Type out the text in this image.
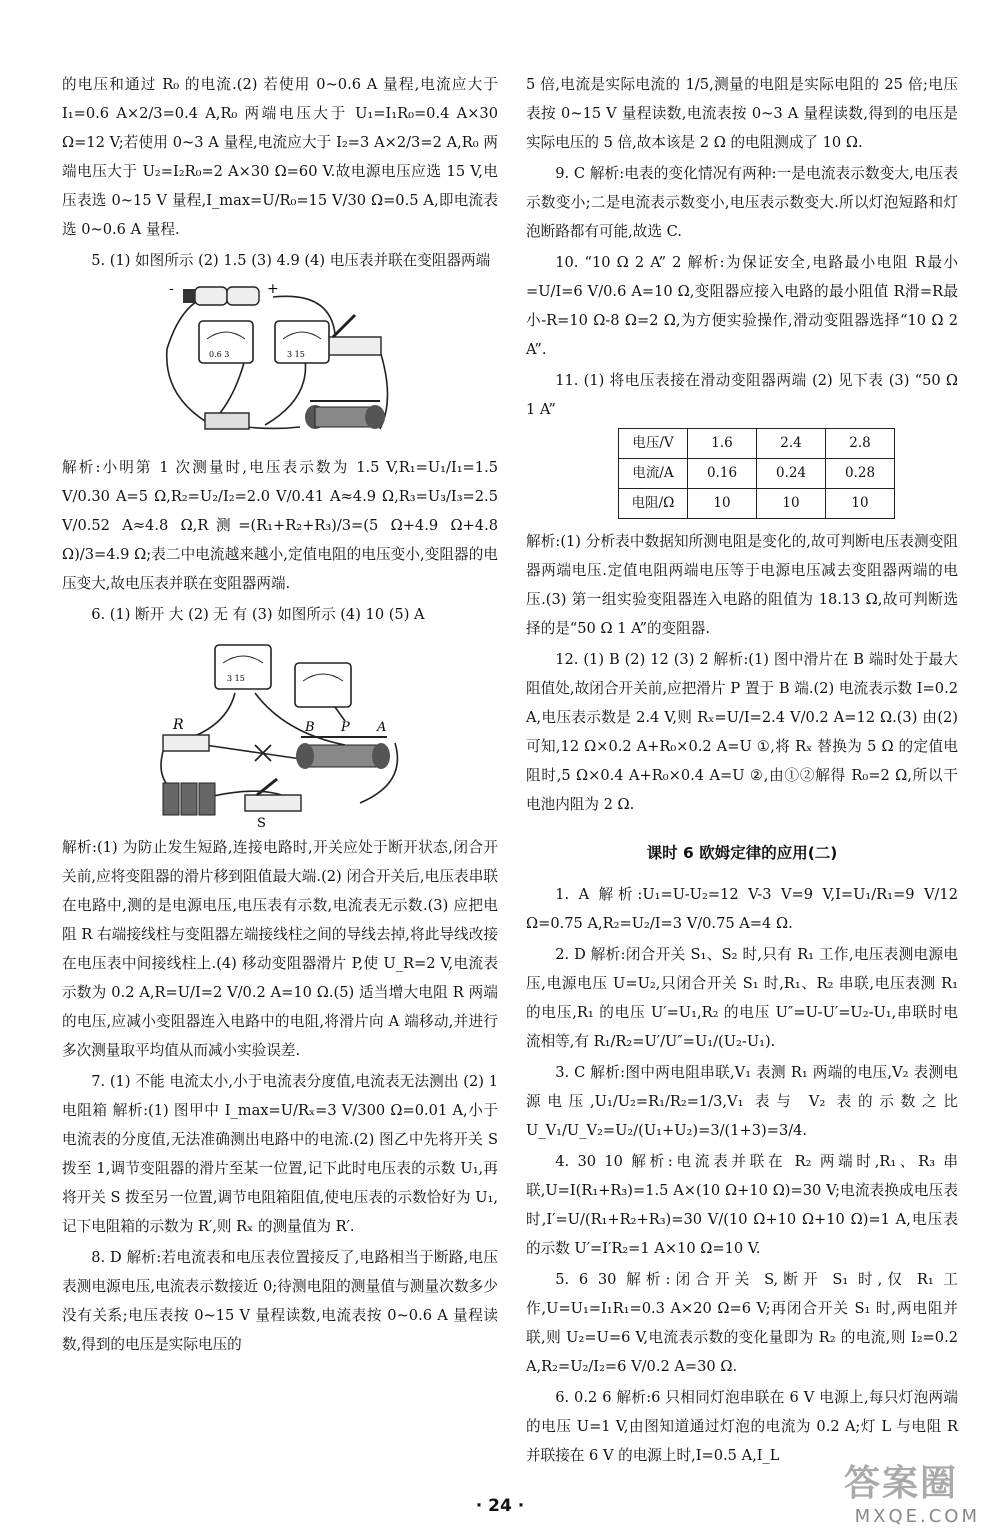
的电压和通过 R₀ 的电流.(2) 若使用 0~0.6 A 量程,电流应大于 I₁=0.6 A×2/3=0.4 A,R₀ 两端电压大于 U₁=I₁R₀=0.4 A×30 Ω=12 V;若使用 0~3 A 量程,电流应大于 I₂=3 A×2/3=2 A,R₀ 两端电压大于 U₂=I₂R₀=2 A×30 Ω=60 V.故电源电压应选 15 V,电压表选 0~15 V 量程,I_max=U/R₀=15 V/30 Ω=0.5 A,即电流表选 0~0.6 A 量程.

5. (1) 如图所示 (2) 1.5 (3) 4.9 (4) 电压表并联在变阻器两端

-	+
0.6 3	3 15

解析:小明第 1 次测量时,电压表示数为 1.5 V,R₁=U₁/I₁=1.5 V/0.30 A=5 Ω,R₂=U₂/I₂=2.0 V/0.41 A≈4.9 Ω,R₃=U₃/I₃=2.5 V/0.52 A≈4.8 Ω,R测=(R₁+R₂+R₃)/3=(5 Ω+4.9 Ω+4.8 Ω)/3=4.9 Ω;表二中电流越来越小,定值电阻的电压变小,变阻器的电压变大,故电压表并联在变阻器两端.

6. (1) 断开 大 (2) 无 有 (3) 如图所示 (4) 10 (5) A

3 15
R	B P A
S

解析:(1) 为防止发生短路,连接电路时,开关应处于断开状态,闭合开关前,应将变阻器的滑片移到阻值最大端.(2) 闭合开关后,电压表串联在电路中,测的是电源电压,电压表有示数,电流表无示数.(3) 应把电阻 R 右端接线柱与变阻器左端接线柱之间的导线去掉,将此导线改接在电压表中间接线柱上.(4) 移动变阻器滑片 P,使 U_R=2 V,电流表示数为 0.2 A,R=U/I=2 V/0.2 A=10 Ω.(5) 适当增大电阻 R 两端的电压,应减小变阻器连入电路中的电阻,将滑片向 A 端移动,并进行多次测量取平均值从而减小实验误差.

7. (1) 不能 电流太小,小于电流表分度值,电流表无法测出 (2) 1 电阻箱 解析:(1) 图甲中 I_max=U/Rₓ=3 V/300 Ω=0.01 A,小于电流表的分度值,无法准确测出电路中的电流.(2) 图乙中先将开关 S 拨至 1,调节变阻器的滑片至某一位置,记下此时电压表的示数 U₁,再将开关 S 拨至另一位置,调节电阻箱阻值,使电压表的示数恰好为 U₁,记下电阻箱的示数为 R′,则 Rₓ 的测量值为 R′.

8. D 解析:若电流表和电压表位置接反了,电路相当于断路,电压表测电源电压,电流表示数接近 0;待测电阻的测量值与测量次数多少没有关系;电压表按 0~15 V 量程读数,电流表按 0~0.6 A 量程读数,得到的电压是实际电压的

5 倍,电流是实际电流的 1/5,测量的电阻是实际电阻的 25 倍;电压表按 0~15 V 量程读数,电流表按 0~3 A 量程读数,得到的电压是实际电压的 5 倍,故本该是 2 Ω 的电阻测成了 10 Ω.

9. C 解析:电表的变化情况有两种:一是电流表示数变大,电压表示数变小;二是电流表示数变小,电压表示数变大.所以灯泡短路和灯泡断路都有可能,故选 C.

10. “10 Ω 2 A” 2 解析:为保证安全,电路最小电阻 R最小=U/I=6 V/0.6 A=10 Ω,变阻器应接入电路的最小阻值 R滑=R最小-R=10 Ω-8 Ω=2 Ω,为方便实验操作,滑动变阻器选择“10 Ω 2 A”.

11. (1) 将电压表接在滑动变阻器两端 (2) 见下表 (3) “50 Ω 1 A”

电压/V	1.6	2.4	2.8
电流/A	0.16	0.24	0.28
电阻/Ω	10	10	10

解析:(1) 分析表中数据知所测电阻是变化的,故可判断电压表测变阻器两端电压.定值电阻两端电压等于电源电压减去变阻器两端的电压.(3) 第一组实验变阻器连入电路的阻值为 18.13 Ω,故可判断选择的是“50 Ω 1 A”的变阻器.

12. (1) B (2) 12 (3) 2 解析:(1) 图中滑片在 B 端时处于最大阻值处,故闭合开关前,应把滑片 P 置于 B 端.(2) 电流表示数 I=0.2 A,电压表示数是 2.4 V,则 Rₓ=U/I=2.4 V/0.2 A=12 Ω.(3) 由(2)可知,12 Ω×0.2 A+R₀×0.2 A=U ①,将 Rₓ 替换为 5 Ω 的定值电阻时,5 Ω×0.4 A+R₀×0.4 A=U ②,由①②解得 R₀=2 Ω,所以干电池内阻为 2 Ω.

课时 6 欧姆定律的应用(二)

1. A 解析:U₁=U-U₂=12 V-3 V=9 V,I=U₁/R₁=9 V/12 Ω=0.75 A,R₂=U₂/I=3 V/0.75 A=4 Ω.

2. D 解析:闭合开关 S₁、S₂ 时,只有 R₁ 工作,电压表测电源电压,电源电压 U=U₂,只闭合开关 S₁ 时,R₁、R₂ 串联,电压表测 R₁ 的电压,R₁ 的电压 U′=U₁,R₂ 的电压 U″=U-U′=U₂-U₁,串联时电流相等,有 R₁/R₂=U′/U″=U₁/(U₂-U₁).

3. C 解析:图中两电阻串联,V₁ 表测 R₁ 两端的电压,V₂ 表测电源电压,U₁/U₂=R₁/R₂=1/3,V₁ 表与 V₂ 表的示数之比 U_V₁/U_V₂=U₂/(U₁+U₂)=3/(1+3)=3/4.

4. 30 10 解析:电流表并联在 R₂ 两端时,R₁、R₃ 串联,U=I(R₁+R₃)=1.5 A×(10 Ω+10 Ω)=30 V;电流表换成电压表时,I′=U/(R₁+R₂+R₃)=30 V/(10 Ω+10 Ω+10 Ω)=1 A,电压表的示数 U′=I′R₂=1 A×10 Ω=10 V.

5. 6 30 解析:闭合开关 S,断开 S₁ 时,仅 R₁ 工作,U=U₁=I₁R₁=0.3 A×20 Ω=6 V;再闭合开关 S₁ 时,两电阻并联,则 U₂=U=6 V,电流表示数的变化量即为 R₂ 的电流,则 I₂=0.2 A,R₂=U₂/I₂=6 V/0.2 A=30 Ω.

6. 0.2 6 解析:6 只相同灯泡串联在 6 V 电源上,每只灯泡两端的电压 U=1 V,由图知道通过灯泡的电流为 0.2 A;灯 L 与电阻 R 并联接在 6 V 的电源上时,I=0.5 A,I_L

· 24 ·
答案圈
MXQE.COM
